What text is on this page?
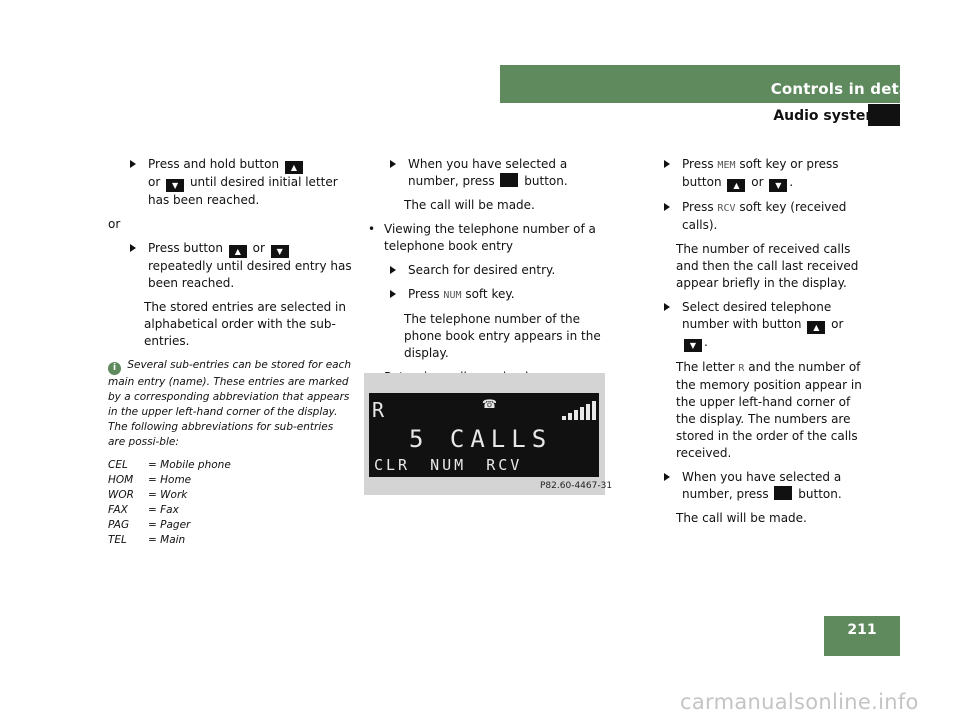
Controls in detail
Audio system
Press and hold button ▲
or ▼ until desired initial letter has been reached.
or
Press button ▲ or ▼ repeatedly until desired entry has been reached.
The stored entries are selected in alphabetical order with the sub-entries.
i Several sub-entries can be stored for each main entry (name). These entries are marked by a corresponding abbreviation that appears in the upper left-hand corner of the display. The following abbreviations for sub-entries are possi-ble:
CEL = Mobile phone
HOM = Home
WOR = Work
FAX = Fax
PAG = Pager
TEL = Main
When you have selected a number, press button.
The call will be made.
• Viewing the telephone number of a telephone book entry
Search for desired entry.
Press NUM soft key.
The telephone number of the phone book entry appears in the display.
R	☎
5 CALLS
CLR NUM RCV
P82.60-4467-31
Press MEM soft key or press button ▲ or ▼ .
Press RCV soft key (received calls).
The number of received calls and then the call last received appear briefly in the display.
Select desired telephone number with button ▲ or ▼ .
The letter R and the number of the memory position appear in the upper left-hand corner of the display. The numbers are stored in the order of the calls received.
When you have selected a number, press button.
The call will be made.
211
carmanualsonline.info
